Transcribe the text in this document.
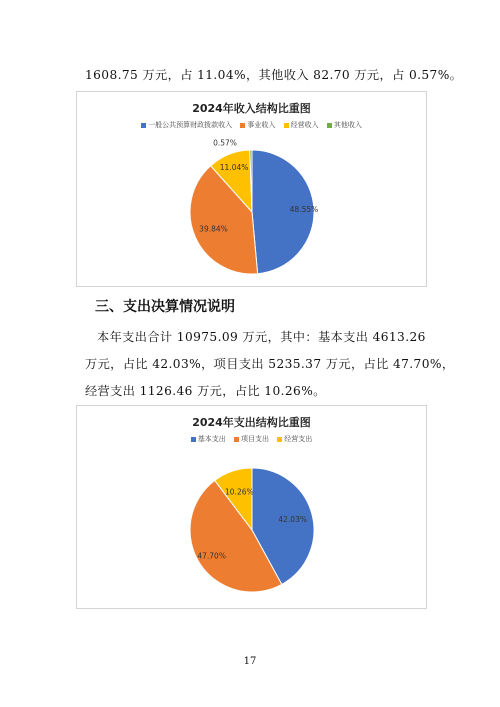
1608.75 万元，占 11.04%，其他收入 82.70 万元，占 0.57%。
2024年收入结构比重图
一般公共预算财政拨款收入 事业收入 经营收入 其他收入
48.55%
39.84%
11.04%
0.57%
三、支出决算情况说明
本年支出合计 10975.09 万元，其中：基本支出 4613.26
万元，占比 42.03%，项目支出 5235.37 万元，占比 47.70%，
经营支出 1126.46 万元，占比 10.26%。
2024年支出结构比重图
基本支出 项目支出 经营支出
42.03%
47.70%
10.26%
17
